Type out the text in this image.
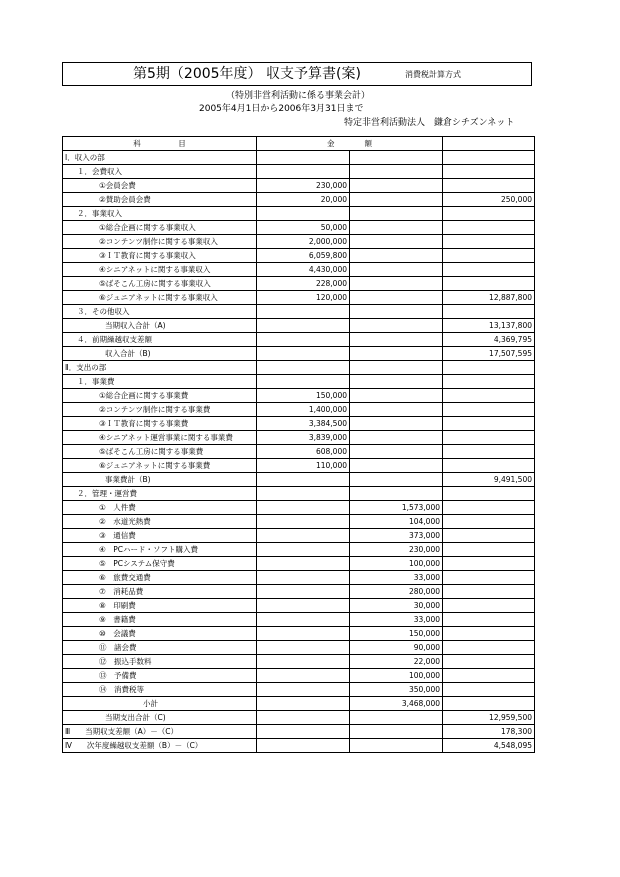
第5期（2005年度） 収支予算書(案)	消費税計算方式
（特別非営利活動に係る事業会計）
2005年4月1日から2006年3月31日まで
特定非営利活動法人　鎌倉シチズンネット
科　　　　　目	金　　　　額		
Ⅰ．収入の部			
１．会費収入			
①会員会費	230,000		
②賛助会員会費	20,000		250,000
２．事業収入			
①総合企画に関する事業収入	50,000		
②コンテンツ制作に関する事業収入	2,000,000		
③ＩＴ教育に関する事業収入	6,059,800		
④シニアネットに関する事業収入	4,430,000		
⑤ばそこん工房に関する事業収入	228,000		
⑥ジュニアネットに関する事業収入	120,000		12,887,800
３．その他収入			
当期収入合計（A)			13,137,800
４．前期繰越収支差額			4,369,795
収入合計（B)			17,507,595
Ⅱ．支出の部			
１．事業費			
①総合企画に関する事業費	150,000		
②コンテンツ制作に関する事業費	1,400,000		
③ＩＴ教育に関する事業費	3,384,500		
④シニアネット運営事業に関する事業費	3,839,000		
⑤ばそこん工房に関する事業費	608,000		
⑥ジュニアネットに関する事業費	110,000		
事業費計（B)			9,491,500
２．管理・運営費			
①　人件費		1,573,000	
②　水道光熱費		104,000	
③　通信費		373,000	
④　PCハード・ソフト購入費		230,000	
⑤　PCシステム保守費		100,000	
⑥　旅費交通費		33,000	
⑦　消耗品費		280,000	
⑧　印刷費		30,000	
⑨　書籍費		33,000	
⑩　会議費		150,000	
⑪　諸会費		90,000	
⑫　振込手数料		22,000	
⑬　予備費		100,000	
⑭　消費税等		350,000	
小計		3,468,000	
当期支出合計（C)			12,959,500
Ⅲ　　当期収支差額（A）－（C）			178,300
Ⅳ　　次年度繰越収支差額（B）－（C）			4,548,095
